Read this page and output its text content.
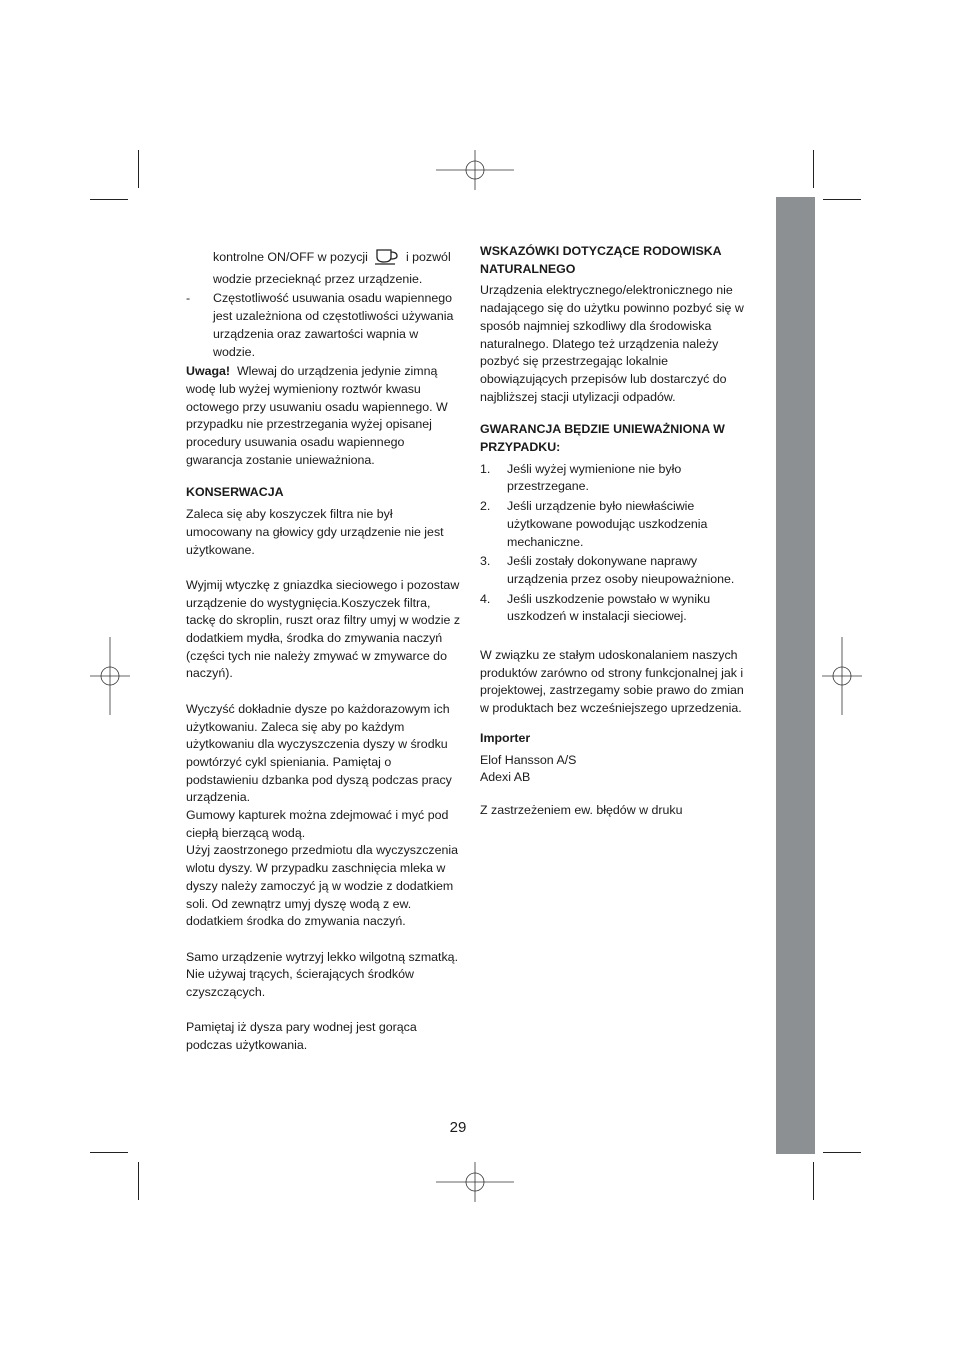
kontrolne ON/OFF w pozycji	i pozwól wodzie przecieknąć przez urządzenie.

- Częstotliwość usuwania osadu wapiennego jest uzależniona od częstotliwości używania urządzenia oraz zawartości wapnia w wodzie.

Uwaga! Wlewaj do urządzenia jedynie zimną wodę lub wyżej wymieniony roztwór kwasu octowego przy usuwaniu osadu wapiennego. W przypadku nie przestrzegania wyżej opisanej procedury usuwania osadu wapiennego gwarancja zostanie unieważniona.

KONSERWACJA

Zaleca się aby koszyczek filtra nie był umocowany na głowicy gdy urządzenie nie jest użytkowane.

Wyjmij wtyczkę z gniazdka sieciowego i pozostaw urządzenie do wystygnięcia.Koszyczek filtra, tackę do skroplin, ruszt oraz filtry umyj w wodzie z dodatkiem mydła, środka do zmywania naczyń (części tych nie należy zmywać w zmywarce do naczyń).

Wyczyść dokładnie dysze po każdorazowym ich użytkowaniu. Zaleca się aby po każdym użytkowaniu dla wyczyszczenia dyszy w środku powtórzyć cykl spieniania. Pamiętaj o podstawieniu dzbanka pod dyszą podczas pracy urządzenia.

Gumowy kapturek można zdejmować i myć pod ciepłą bierzącą wodą.

Użyj zaostrzonego przedmiotu dla wyczyszczenia wlotu dyszy. W przypadku zaschnięcia mleka w dyszy należy zamoczyć ją w wodzie z dodatkiem soli. Od zewnątrz umyj dyszę wodą z ew. dodatkiem środka do zmywania naczyń.

Samo urządzenie wytrzyj lekko wilgotną szmatką.

Nie używaj trących, ścierających środków czyszczących.

Pamiętaj iż dysza pary wodnej jest gorąca podczas użytkowania.

WSKAZÓWKI DOTYCZĄCE RODOWISKA NATURALNEGO

Urządzenia elektrycznego/elektronicznego nie nadającego się do użytku powinno pozbyć się w sposób najmniej szkodliwy dla środowiska naturalnego. Dlatego też urządzenia należy pozbyć się przestrzegając lokalnie obowiązujących przepisów lub dostarczyć do najbliższej stacji utylizacji odpadów.

GWARANCJA BĘDZIE UNIEWAŻNIONA W PRZYPADKU:

1. Jeśli wyżej wymienione nie było przestrzegane.
2. Jeśli urządzenie było niewłaściwie użytkowane powodując uszkodzenia mechaniczne.
3. Jeśli zostały dokonywane naprawy urządzenia przez osoby nieupoważnione.
4. Jeśli uszkodzenie powstało w wyniku uszkodzeń w instalacji sieciowej.

W związku ze stałym udoskonalaniem naszych produktów zarówno od strony funkcjonalnej jak i projektowej, zastrzegamy sobie prawo do zmian w produktach bez wcześniejszego uprzedzenia.

Importer

Elof Hansson A/S

Adexi AB

Z zastrzeżeniem ew. błędów w druku

29
